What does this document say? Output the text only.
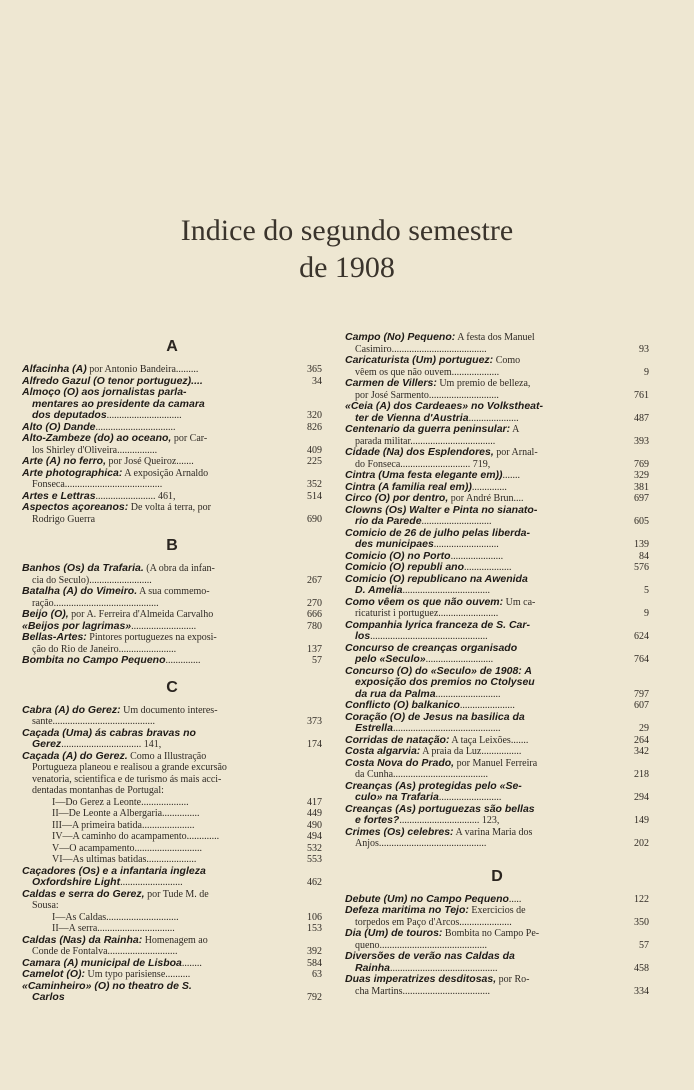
Indice do segundo semestre
de 1908
A
Alfacinha (A) por Antonio Bandeira.........	365
Alfredo Gazul (O tenor portuguez)....	34
Almoço (O) aos jornalistas parla-
mentares ao presidente da camara
dos deputados..............................	320
Alto (O) Dande................................	826
Alto-Zambeze (do) ao oceano, por Car-
los Shirley d'Oliveira................	409
Arte (A) no ferro, por José Queiroz.......	225
Arte photographica: A exposição Arnaldo
Fonseca.......................................	352
Artes e Lettras........................ 461,	514
Aspectos açoreanos: De volta á terra, por
Rodrigo Guerra	690
B
Banhos (Os) da Trafaria. (A obra da infan-
cia do Seculo).........................	267
Batalha (A) do Vimeiro. A sua commemo-
ração..........................................	270
Beijo (O), por A. Ferreira d'Almeida Carvalho	666
«Beijos por lagrimas»..........................	780
Bellas-Artes: Pintores portuguezes na exposi-
ção do Rio de Janeiro.......................	137
Bombita no Campo Pequeno..............	57
C
Cabra (A) do Gerez: Um documento interes-
sante.........................................	373
Caçada (Uma) ás cabras bravas no
Gerez................................ 141,	174
Caçada (A) do Gerez. Como a Illustração
Portugueza planeou e realisou a grande excursão
venatoria, scientifica e de turismo ás mais acci-
dentadas montanhas de Portugal:
I—Do Gerez a Leonte...................	417
II—De Leonte a Albergaria...............	449
III—A primeira batida.....................	490
IV—A caminho do acampamento.............	494
V—O acampamento...........................	532
VI—As ultimas batidas....................	553
Caçadores (Os) e a infantaria ingleza
Oxfordshire Light.........................	462
Caldas e serra do Gerez, por Tude M. de
Sousa:
I—As Caldas.............................	106
II—A serra...............................	153
Caldas (Nas) da Rainha: Homenagem ao
Conde de Fontalva............................	392
Camara (A) municipal de Lisboa........	584
Camelot (O): Um typo parisiense..........	63
«Caminheiro» (O) no theatro de S.
Carlos	792
Campo (No) Pequeno: A festa dos Manuel
Casimiro......................................	93
Caricaturista (Um) portuguez: Como
vêem os que não ouvem...................	9
Carmen de Villers: Um premio de belleza,
por José Sarmento............................	761
«Ceia (A) dos Cardeaes» no Volkstheat-
ter de Vienna d'Austria....................	487
Centenario da guerra peninsular: A
parada militar..................................	393
Cidade (Na) dos Esplendores, por Arnal-
do Fonseca............................ 719,	769
Cintra (Uma festa elegante em)).......	329
Cintra (A familia real em))..............	381
Circo (O) por dentro, por André Brun....	697
Clowns (Os) Walter e Pinta no sianato-
rio da Parede............................	605
Comicio de 26 de julho pelas liberda-
des municipaes..........................	139
Comicio (O) no Porto.....................	84
Comicio (O) republi ano...................	576
Comicio (O) republicano na Awenida
D. Amelia...................................	5
Como vêem os que não ouvem: Um ca-
ricaturist i portuguez........................	9
Companhia lyrica franceza de S. Car-
los...............................................	624
Concurso de creanças organisado
pelo «Seculo»...........................	764
Concurso (O) do «Seculo» de 1908: A
exposição dos premios no Ctolyseu
da rua da Palma..........................	797
Conflicto (O) balkanico......................	607
Coração (O) de Jesus na basilica da
Estrella...........................................	29
Corridas de natação: A taça Leixões.......	264
Costa algarvia: A praia da Luz................	342
Costa Nova do Prado, por Manuel Ferreira
da Cunha......................................	218
Creanças (As) protegidas pelo «Se-
culo» na Trafaria.........................	294
Creanças (As) portuguezas são bellas
e fortes?................................ 123,	149
Crimes (Os) celebres: A varina Maria dos
Anjos...........................................	202
D
Debute (Um) no Campo Pequeno.....	122
Defeza maritima no Tejo: Exercicios de
torpedos em Paço d'Arcos.....................	350
Dia (Um) de touros: Bombita no Campo Pe-
queno...........................................	57
Diversões de verão nas Caldas da
Rainha...........................................	458
Duas imperatrizes desditosas, por Ro-
cha Martins...................................	334
